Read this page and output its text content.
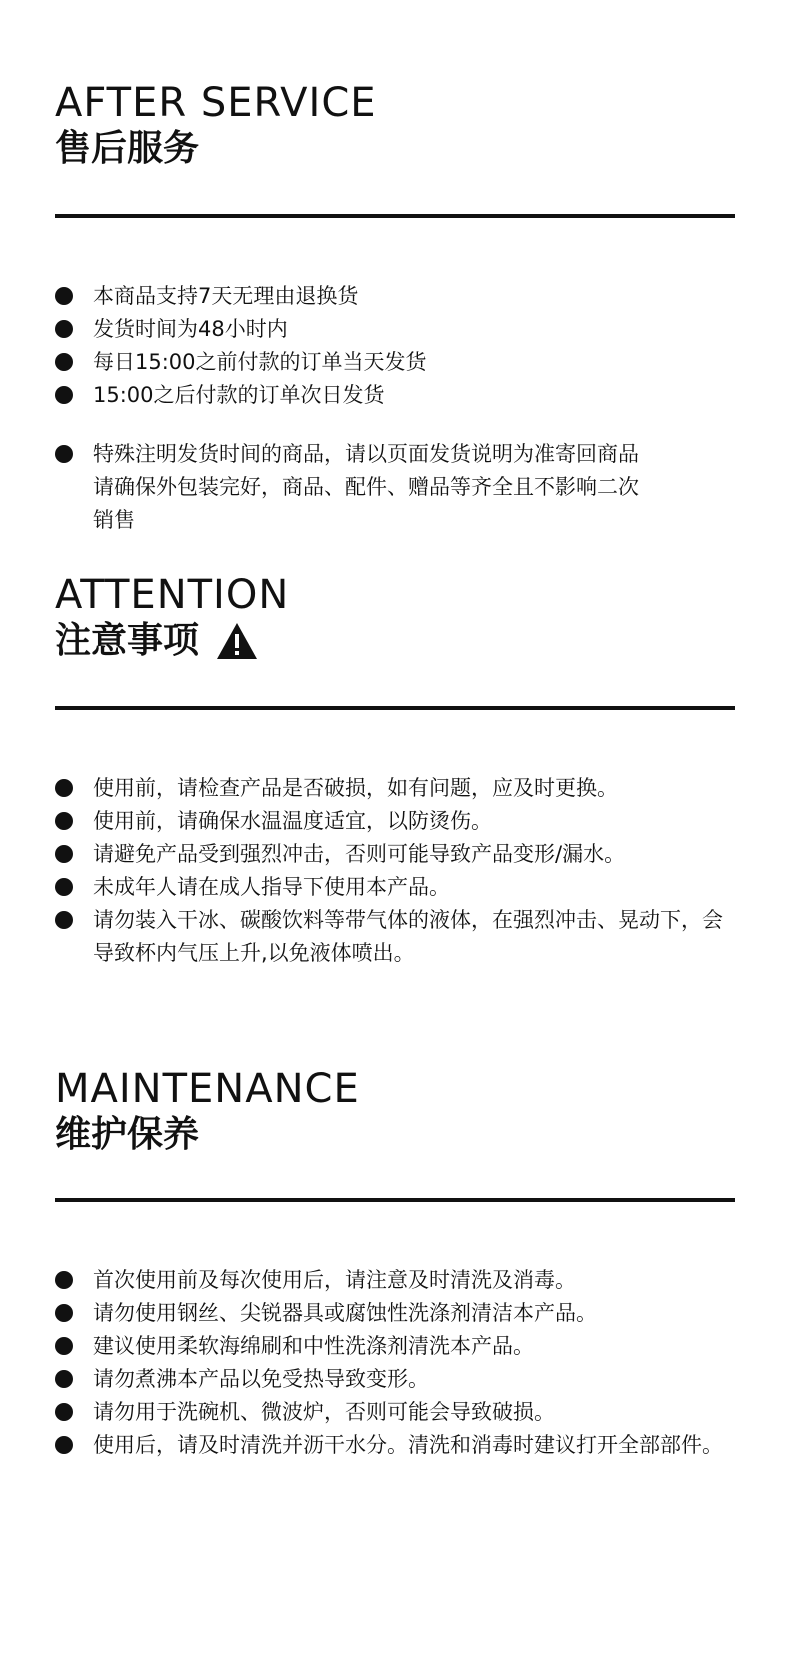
AFTER SERVICE
售后服务
本商品支持7天无理由退换货
发货时间为48小时内
每日15:00之前付款的订单当天发货
15:00之后付款的订单次日发货
特殊注明发货时间的商品，请以页面发货说明为准寄回商品请确保外包装完好，商品、配件、赠品等齐全且不影响二次销售
ATTENTION
注意事项
使用前，请检查产品是否破损，如有问题，应及时更换。
使用前，请确保水温温度适宜，以防烫伤。
请避免产品受到强烈冲击，否则可能导致产品变形/漏水。
未成年人请在成人指导下使用本产品。
请勿装入干冰、碳酸饮料等带气体的液体，在强烈冲击、晃动下，会导致杯内气压上升,以免液体喷出。
MAINTENANCE
维护保养
首次使用前及每次使用后，请注意及时清洗及消毒。
请勿使用钢丝、尖锐器具或腐蚀性洗涤剂清洁本产品。
建议使用柔软海绵刷和中性洗涤剂清洗本产品。
请勿煮沸本产品以免受热导致变形。
请勿用于洗碗机、微波炉，否则可能会导致破损。
使用后，请及时清洗并沥干水分。清洗和消毒时建议打开全部部件。
